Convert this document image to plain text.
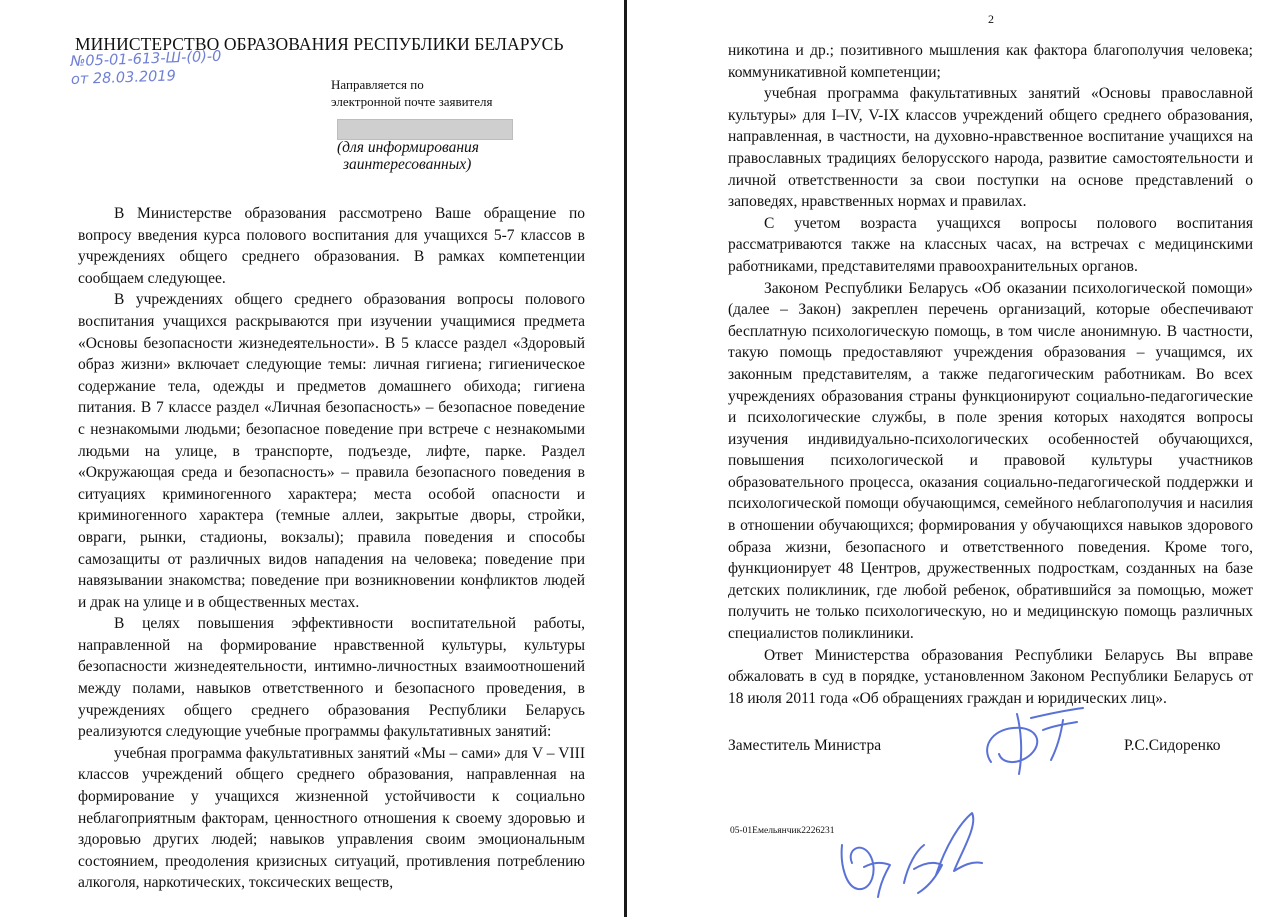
МИНИСТЕРСТВО ОБРАЗОВАНИЯ РЕСПУБЛИКИ БЕЛАРУСЬ
№05-01-613-Ш-(0)-0
от 28.03.2019	Направляется по
электронной почте заявителя
(для информирования
заинтересованных)

В Министерстве образования рассмотрено Ваше обращение по вопросу введения курса полового воспитания для учащихся 5-7 классов в учреждениях общего среднего образования. В рамках компетенции сообщаем следующее.

В учреждениях общего среднего образования вопросы полового воспитания учащихся раскрываются при изучении учащимися предмета «Основы безопасности жизнедеятельности». В 5 классе раздел «Здоровый образ жизни» включает следующие темы: личная гигиена; гигиеническое содержание тела, одежды и предметов домашнего обихода; гигиена питания. В 7 классе раздел «Личная безопасность» – безопасное поведение с незнакомыми людьми; безопасное поведение при встрече с незнакомыми людьми на улице, в транспорте, подъезде, лифте, парке. Раздел «Окружающая среда и безопасность» – правила безопасного поведения в ситуациях криминогенного характера; места особой опасности и криминогенного характера (темные аллеи, закрытые дворы, стройки, овраги, рынки, стадионы, вокзалы); правила поведения и способы самозащиты от различных видов нападения на человека; поведение при навязывании знакомства; поведение при возникновении конфликтов людей и драк на улице и в общественных местах.

В целях повышения эффективности воспитательной работы, направленной на формирование нравственной культуры, культуры безопасности жизнедеятельности, интимно-личностных взаимоотношений между полами, навыков ответственного и безопасного проведения, в учреждениях общего среднего образования Республики Беларусь реализуются следующие учебные программы факультативных занятий:

учебная программа факультативных занятий «Мы – сами» для V – VIII классов учреждений общего среднего образования, направленная на формирование у учащихся жизненной устойчивости к социально неблагоприятным факторам, ценностного отношения к своему здоровью и здоровью других людей; навыков управления своим эмоциональным состоянием, преодоления кризисных ситуаций, противления потреблению алкоголя, наркотических, токсических веществ,

2

никотина и др.; позитивного мышления как фактора благополучия человека; коммуникативной компетенции;

учебная программа факультативных занятий «Основы православной культуры» для I–IV, V-IX классов учреждений общего среднего образования, направленная, в частности, на духовно-нравственное воспитание учащихся на православных традициях белорусского народа, развитие самостоятельности и личной ответственности за свои поступки на основе представлений о заповедях, нравственных нормах и правилах.

С учетом возраста учащихся вопросы полового воспитания рассматриваются также на классных часах, на встречах с медицинскими работниками, представителями правоохранительных органов.

Законом Республики Беларусь «Об оказании психологической помощи» (далее – Закон) закреплен перечень организаций, которые обеспечивают бесплатную психологическую помощь, в том числе анонимную. В частности, такую помощь предоставляют учреждения образования – учащимся, их законным представителям, а также педагогическим работникам. Во всех учреждениях образования страны функционируют социально-педагогические и психологические службы, в поле зрения которых находятся вопросы изучения индивидуально-психологических особенностей обучающихся, повышения психологической и правовой культуры участников образовательного процесса, оказания социально-педагогической поддержки и психологической помощи обучающимся, семейного неблагополучия и насилия в отношении обучающихся; формирования у обучающихся навыков здорового образа жизни, безопасного и ответственного поведения. Кроме того, функционирует 48 Центров, дружественных подросткам, созданных на базе детских поликлиник, где любой ребенок, обратившийся за помощью, может получить не только психологическую, но и медицинскую помощь различных специалистов поликлиники.

Ответ Министерства образования Республики Беларусь Вы вправе обжаловать в суд в порядке, установленном Законом Республики Беларусь от 18 июля 2011 года «Об обращениях граждан и юридических лиц».

Заместитель Министра	Р.С.Сидоренко
05-01Емельянчик2226231
